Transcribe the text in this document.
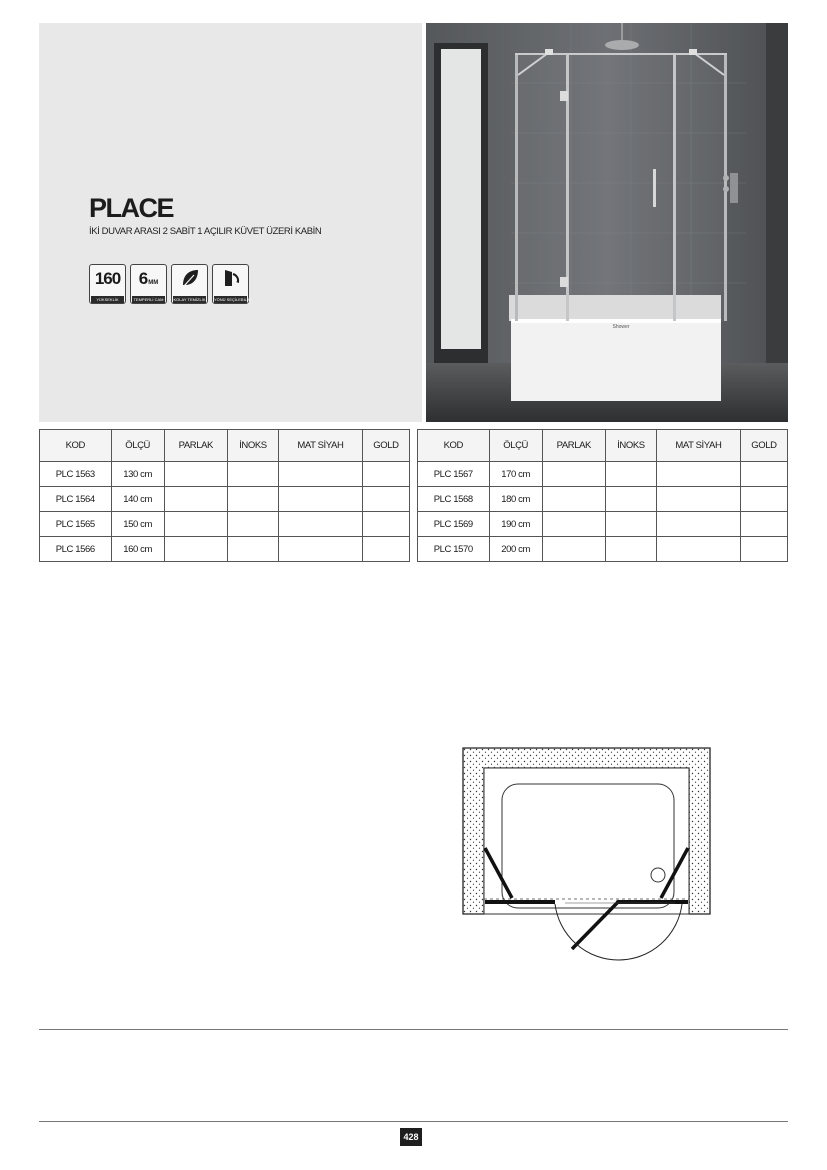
PLACE
İKİ DUVAR ARASI 2 SABİT 1 AÇILIR KÜVET ÜZERİ KABİN
160
YÜKSEKLİK
6MM
TEMPERLİ CAM	KOLAY TEMİZLİK YÖNÜ SEÇİLEBİLİR
Shower
KOD	ÖLÇÜ	PARLAK	İNOKS	MAT SİYAH	GOLD
PLC 1563	130 cm				
PLC 1564	140 cm				
PLC 1565	150 cm				
PLC 1566	160 cm				
KOD	ÖLÇÜ	PARLAK	İNOKS	MAT SİYAH	GOLD
PLC 1567	170 cm				
PLC 1568	180 cm				
PLC 1569	190 cm				
PLC 1570	200 cm				
428
